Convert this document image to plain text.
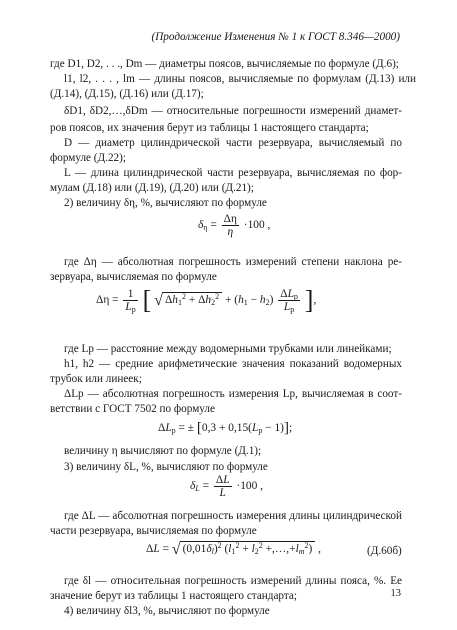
(Продолжение Изменения № 1 к ГОСТ 8.346—2000)
где D1, D2, . . ., Dm — диаметры поясов, вычисляемые по формуле (Д.6);
l1, l2, . . . , lm — длины поясов, вычисляемые по формулам (Д.13) или
(Д.14), (Д.15), (Д.16) или (Д.17);
δD1, δD2,…,δDm — относительные погрешности измерений диамет-
ров поясов, их значения берут из таблицы 1 настоящего стандарта;
D — диаметр цилиндрической части резервуара, вычисляемый по
формуле (Д.22);
L — длина цилиндрической части резервуара, вычисляемая по фор-
мулам (Д.18) или (Д.19), (Д.20) или (Д.21);
2) величину δη, %, вычисляют по формуле
$\delta_\eta = \frac{\Delta\eta}{\eta} \cdot 100$ ,
где Δη — абсолютная погрешность измерений степени наклона ре-
зервуара, вычисляемая по формуле
$\Delta\eta = \frac{1}{L_р}$ [ √ $\Delta h_1^2 + \Delta h_2^2 + (h_1 - h_2) \frac{\Delta L_р}{L_р}$ ],
где Lр — расстояние между водомерными трубками или линейками;
h1, h2 — средние арифметические значения показаний водомерных
трубок или линеек;
ΔLр — абсолютная погрешность измерения Lр, вычисляемая в соот-
ветствии с ГОСТ 7502 по формуле
$\Delta L_р$ = ± $[0,3 + 0,15(L_р - 1)]$;
величину η вычисляют по формуле (Д.1);
3) величину δL, %, вычисляют по формуле
$\delta_L = \frac{\Delta L}{L} \cdot 100$ ,
где ΔL — абсолютная погрешность измерения длины цилиндрической
части резервуара, вычисляемая по формуле
ΔL = √ $(0,01\delta_l)^2$ ($l_1^2 + l_2^2$ $+,\dots,+l_m^2$) ,	(Д.60б)
где δl — относительная погрешность измерений длины пояса, %. Ее
значение берут из таблицы 1 настоящего стандарта;
4) величину δl3, %, вычисляют по формуле
13
